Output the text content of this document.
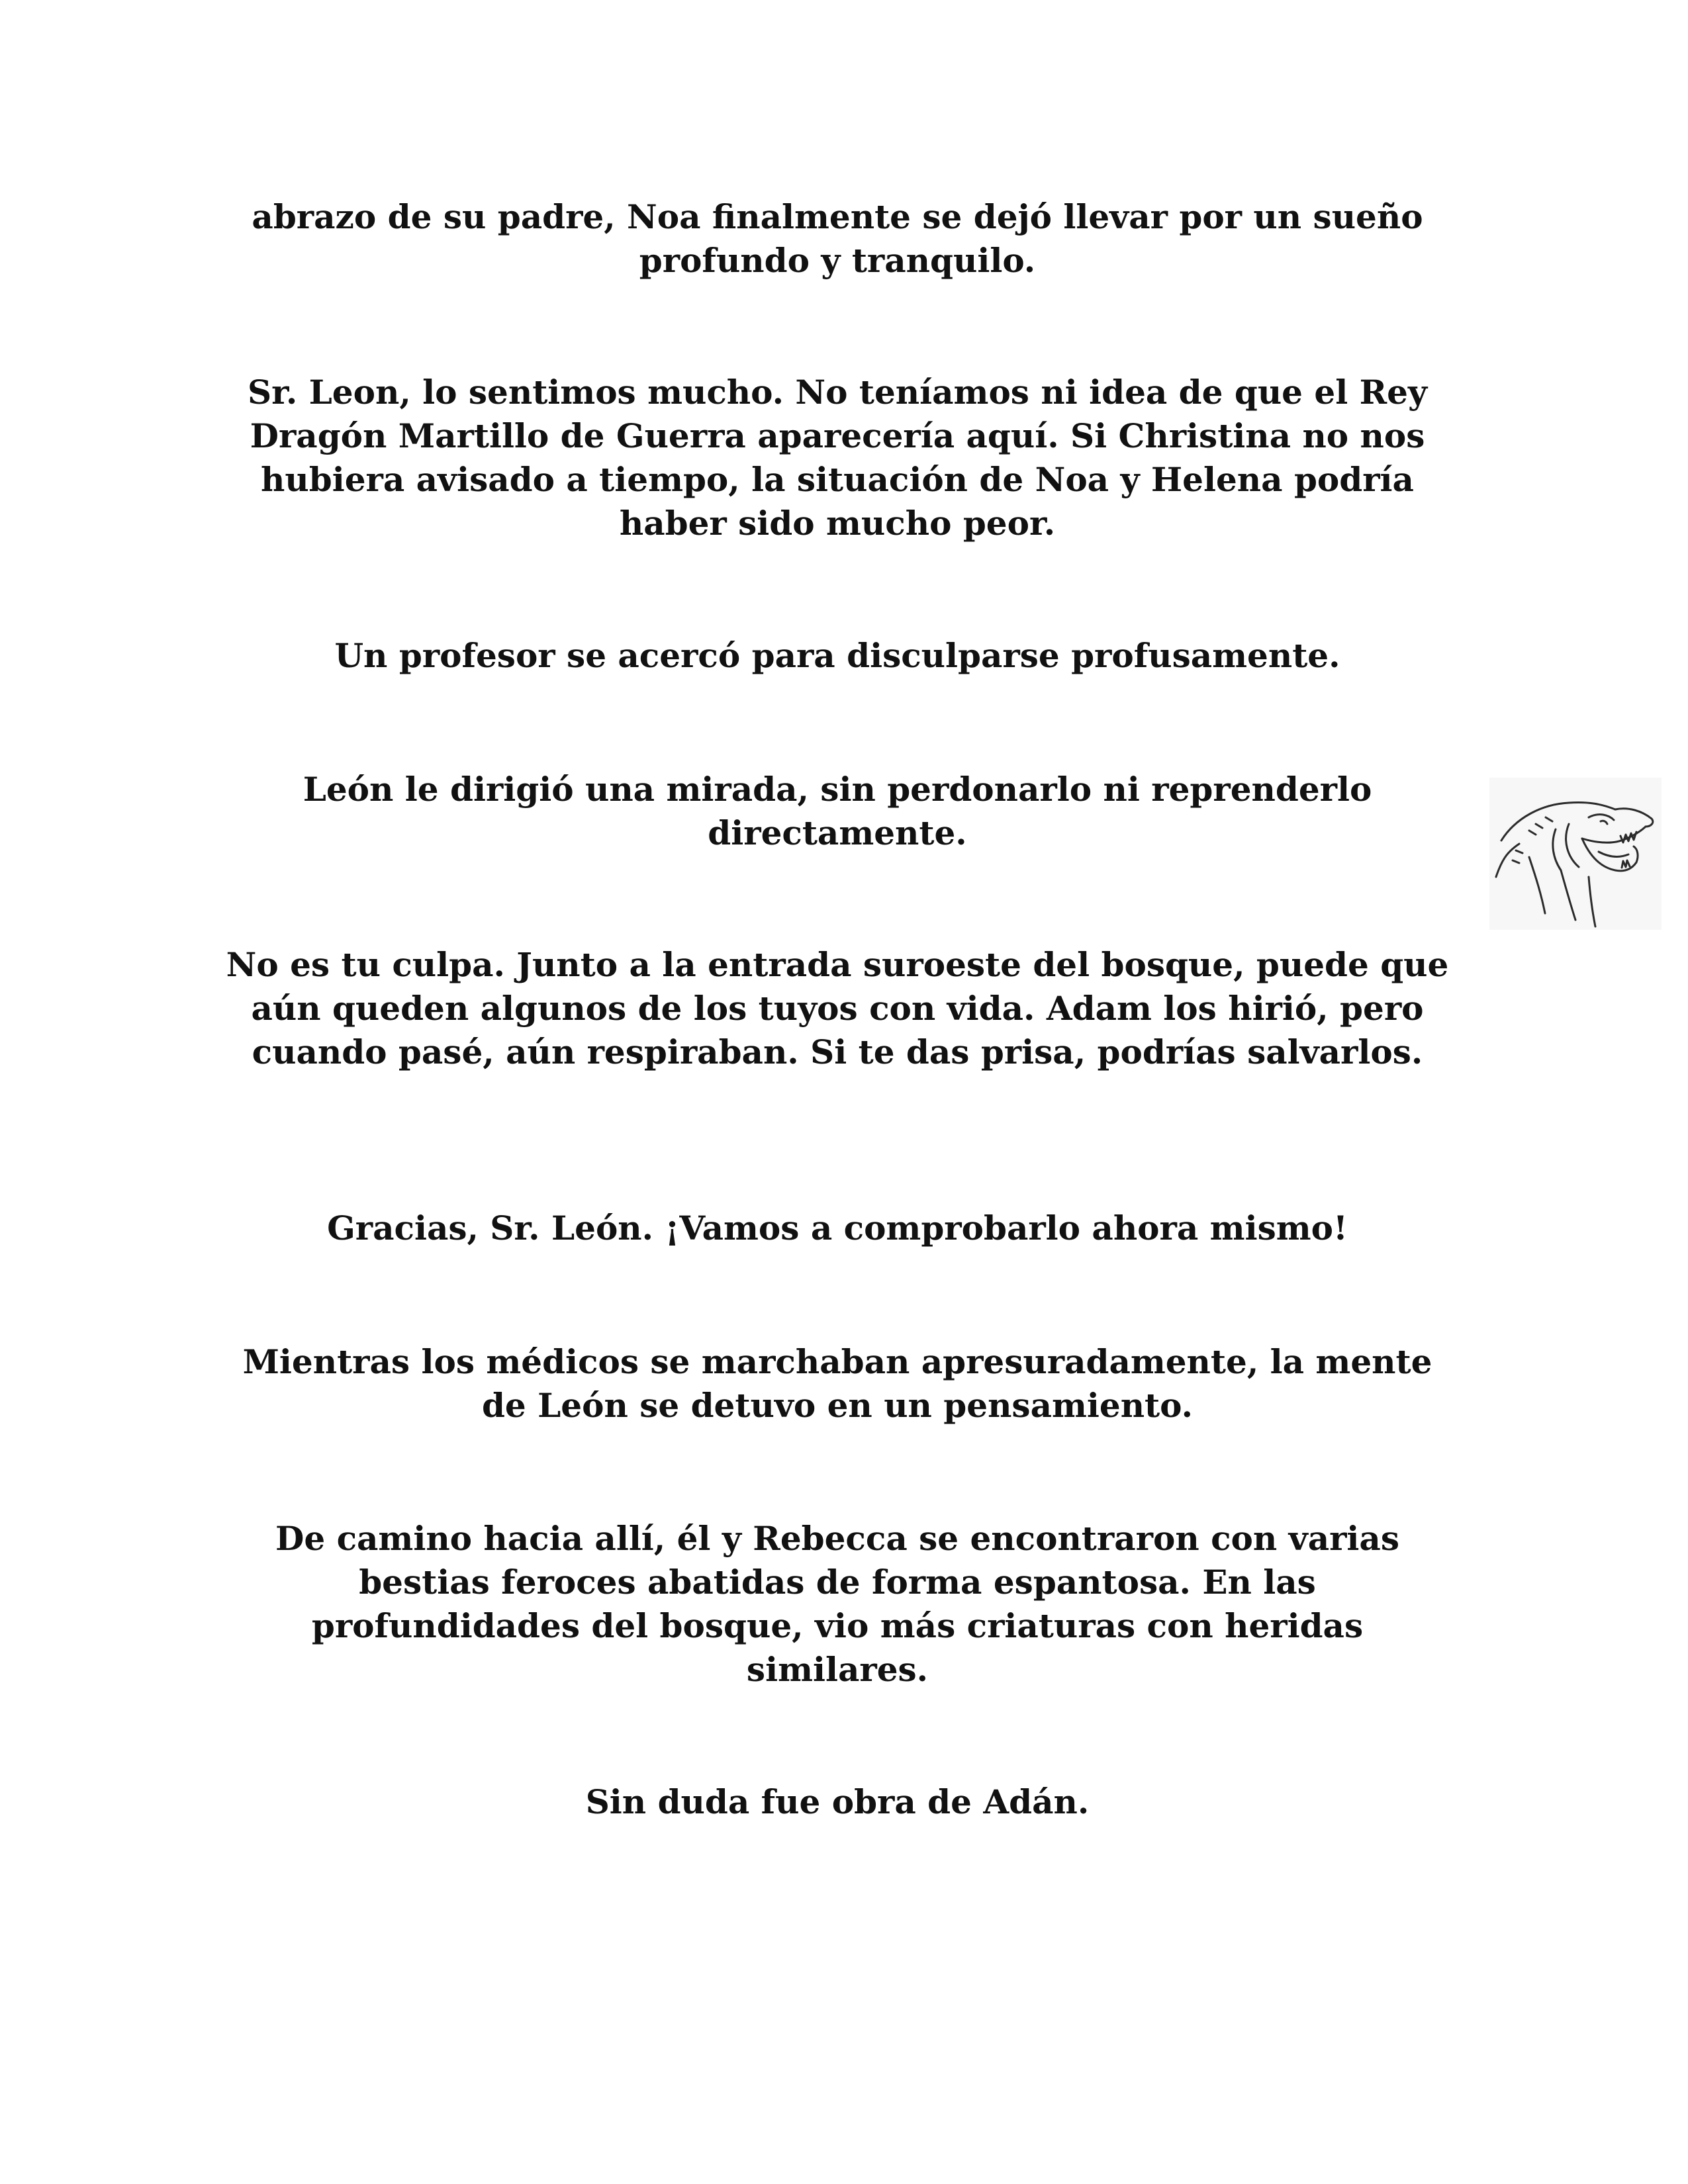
abrazo de su padre, Noa finalmente se dejó llevar por un sueño profundo y tranquilo.

Sr. Leon, lo sentimos mucho. No teníamos ni idea de que el Rey Dragón Martillo de Guerra aparecería aquí. Si Christina no nos hubiera avisado a tiempo, la situación de Noa y Helena podría haber sido mucho peor.

Un profesor se acercó para disculparse profusamente.

León le dirigió una mirada, sin perdonarlo ni reprenderlo directamente.

No es tu culpa. Junto a la entrada suroeste del bosque, puede que aún queden algunos de los tuyos con vida. Adam los hirió, pero cuando pasé, aún respiraban. Si te das prisa, podrías salvarlos.

Gracias, Sr. León. ¡Vamos a comprobarlo ahora mismo!

Mientras los médicos se marchaban apresuradamente, la mente de León se detuvo en un pensamiento.

De camino hacia allí, él y Rebecca se encontraron con varias bestias feroces abatidas de forma espantosa. En las profundidades del bosque, vio más criaturas con heridas similares.

Sin duda fue obra de Adán.
